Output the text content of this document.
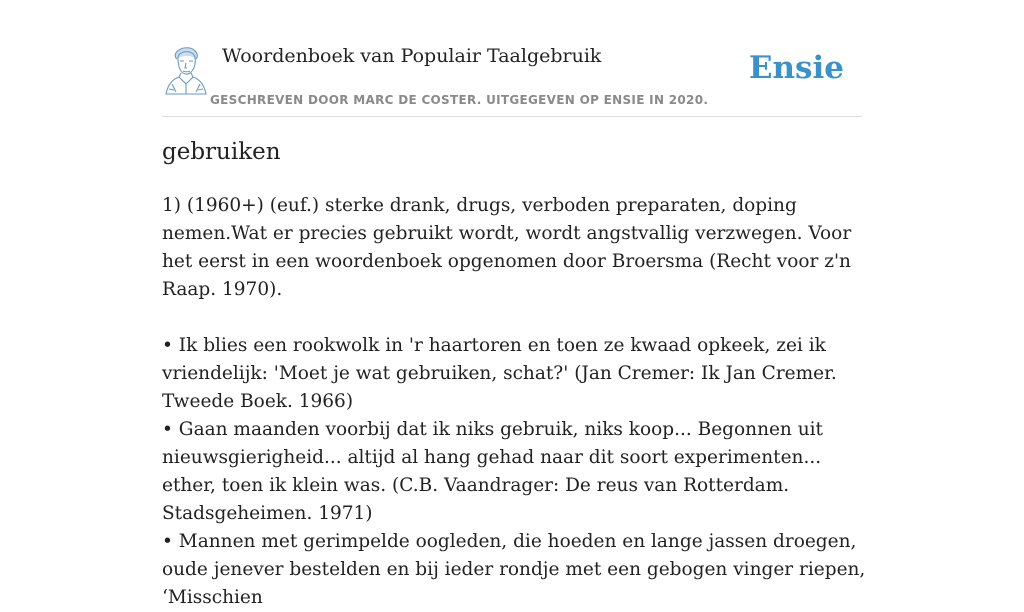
Woordenboek van Populair Taalgebruik
GESCHREVEN DOOR MARC DE COSTER. UITGEGEVEN OP ENSIE IN 2020.
Ensie
gebruiken

1) (1960+) (euf.) sterke drank, drugs, verboden preparaten, doping nemen.Wat er precies gebruikt wordt, wordt angstvallig verzwegen. Voor het eerst in een woordenboek opgenomen door Broersma (Recht voor z'n Raap. 1970).

• Ik blies een rookwolk in 'r haartoren en toen ze kwaad opkeek, zei ik vriendelijk: 'Moet je wat gebruiken, schat?' (Jan Cremer: Ik Jan Cremer. Tweede Boek. 1966)

• Gaan maanden voorbij dat ik niks gebruik, niks koop... Begonnen uit nieuwsgierigheid... altijd al hang gehad naar dit soort experimenten... ether, toen ik klein was. (C.B. Vaandrager: De reus van Rotterdam. Stadsgeheimen. 1971)

• Mannen met gerimpelde oogleden, die hoeden en lange jassen droegen, oude jenever bestelden en bij ieder rondje met een gebogen vinger riepen, ‘Misschien
